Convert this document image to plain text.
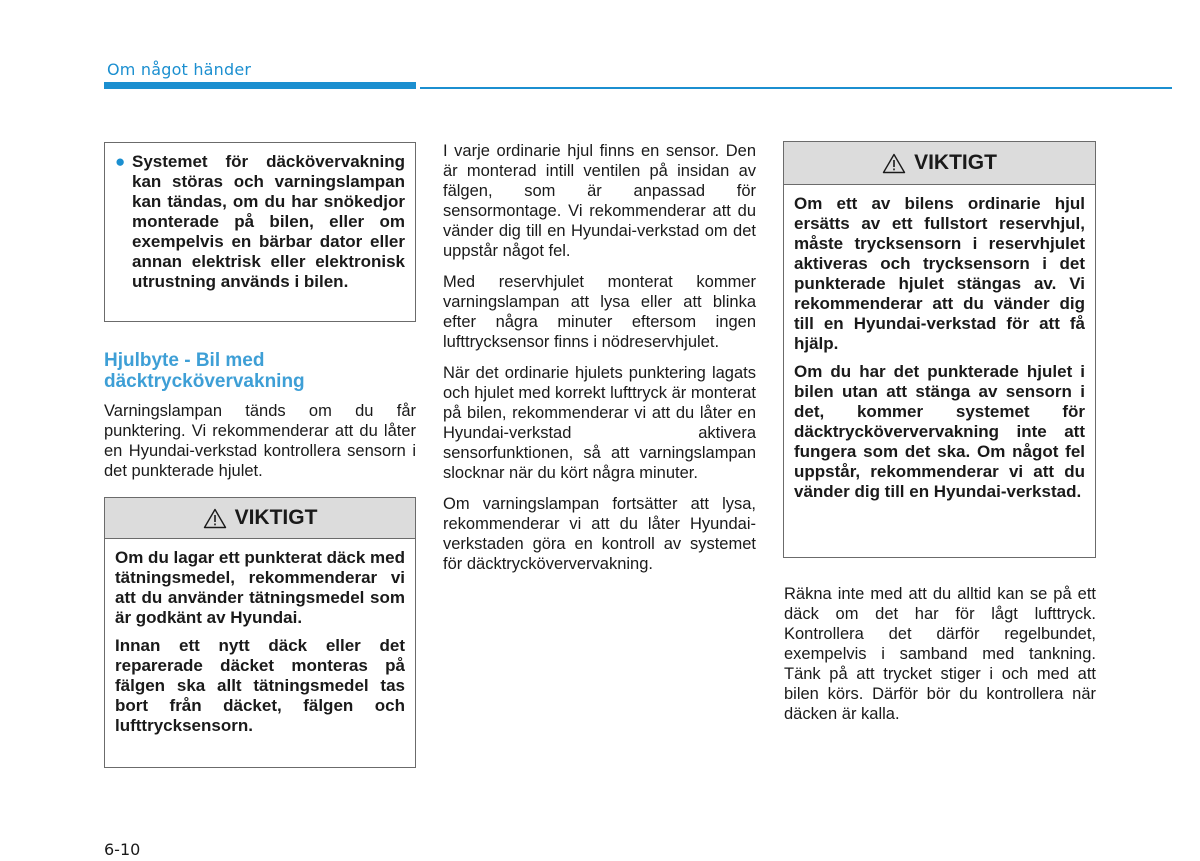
Om något händer
● Systemet för däckövervakning kan störas och varningslampan kan tändas, om du har snökedjor monterade på bilen, eller om exempelvis en bärbar dator eller annan elektrisk eller elektronisk utrustning används i bilen.
Hjulbyte - Bil med däcktryckövervakning

Varningslampan tänds om du får punktering. Vi rekommenderar att du låter en Hyundai-verkstad kontrollera sensorn i det punkterade hjulet.

VIKTIGT

Om du lagar ett punkterat däck med tätningsmedel, rekommenderar vi att du använder tätningsmedel som är godkänt av Hyundai.

Innan ett nytt däck eller det reparerade däcket monteras på fälgen ska allt tätningsmedel tas bort från däcket, fälgen och lufttrycksensorn.

I varje ordinarie hjul finns en sensor. Den är monterad intill ventilen på insidan av fälgen, som är anpassad för sensormontage. Vi rekommenderar att du vänder dig till en Hyundai-verkstad om det uppstår något fel.

Med reservhjulet monterat kommer varningslampan att lysa eller att blinka efter några minuter eftersom ingen lufttrycksensor finns i nödreservhjulet.

När det ordinarie hjulets punktering lagats och hjulet med korrekt lufttryck är monterat på bilen, rekommenderar vi att du låter en Hyundai-verkstad aktivera sensorfunktionen, så att varningslampan slocknar när du kört några minuter.

Om varningslampan fortsätter att lysa, rekommenderar vi att du låter Hyundai-verkstaden göra en kontroll av systemet för däcktrycköververvakning.

VIKTIGT

Om ett av bilens ordinarie hjul ersätts av ett fullstort reservhjul, måste trycksensorn i reservhjulet aktiveras och trycksensorn i det punkterade hjulet stängas av. Vi rekommenderar att du vänder dig till en Hyundai-verkstad för att få hjälp.

Om du har det punkterade hjulet i bilen utan att stänga av sensorn i det, kommer systemet för däcktrycköververvakning inte att fungera som det ska. Om något fel uppstår, rekommenderar vi att du vänder dig till en Hyundai-verkstad.

Räkna inte med att du alltid kan se på ett däck om det har för lågt lufttryck. Kontrollera det därför regelbundet, exempelvis i samband med tankning. Tänk på att trycket stiger i och med att bilen körs. Därför bör du kontrollera när däcken är kalla.

6-10
